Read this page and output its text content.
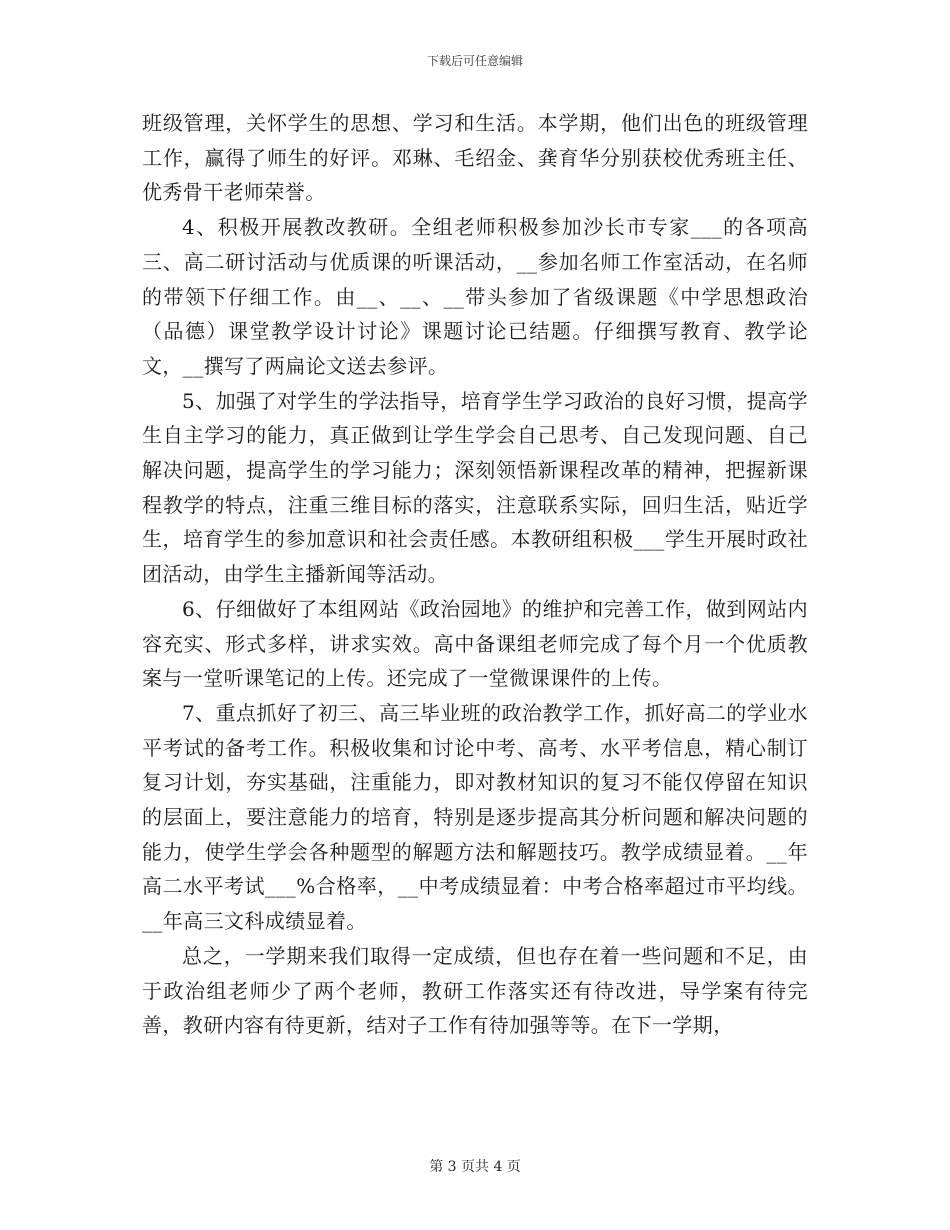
下载后可任意编辑

班级管理，关怀学生的思想、学习和生活。本学期，他们出色的班级管理工作，赢得了师生的好评。邓琳、毛绍金、龚育华分别获校优秀班主任、优秀骨干老师荣誉。

4、积极开展教改教研。全组老师积极参加沙长市专家___的各项高三、高二研讨活动与优质课的听课活动，__参加名师工作室活动，在名师的带领下仔细工作。由__、__、__带头参加了省级课题《中学思想政治（品德）课堂教学设计讨论》课题讨论已结题。仔细撰写教育、教学论文，__撰写了两扁论文送去参评。

5、加强了对学生的学法指导，培育学生学习政治的良好习惯，提高学生自主学习的能力，真正做到让学生学会自己思考、自己发现问题、自己解决问题，提高学生的学习能力；深刻领悟新课程改革的精神，把握新课程教学的特点，注重三维目标的落实，注意联系实际，回归生活，贴近学生，培育学生的参加意识和社会责任感。本教研组积极___学生开展时政社团活动，由学生主播新闻等活动。

6、仔细做好了本组网站《政治园地》的维护和完善工作，做到网站内容充实、形式多样，讲求实效。高中备课组老师完成了每个月一个优质教案与一堂听课笔记的上传。还完成了一堂微课课件的上传。

7、重点抓好了初三、高三毕业班的政治教学工作，抓好高二的学业水平考试的备考工作。积极收集和讨论中考、高考、水平考信息，精心制订复习计划，夯实基础，注重能力，即对教材知识的复习不能仅停留在知识的层面上，要注意能力的培育，特别是逐步提高其分析问题和解决问题的能力，使学生学会各种题型的解题方法和解题技巧。教学成绩显着。__年高二水平考试___%合格率，__中考成绩显着：中考合格率超过市平均线。__年高三文科成绩显着。

总之，一学期来我们取得一定成绩，但也存在着一些问题和不足，由于政治组老师少了两个老师，教研工作落实还有待改进，导学案有待完善，教研内容有待更新，结对子工作有待加强等等。在下一学期，

第 3 页共 4 页
